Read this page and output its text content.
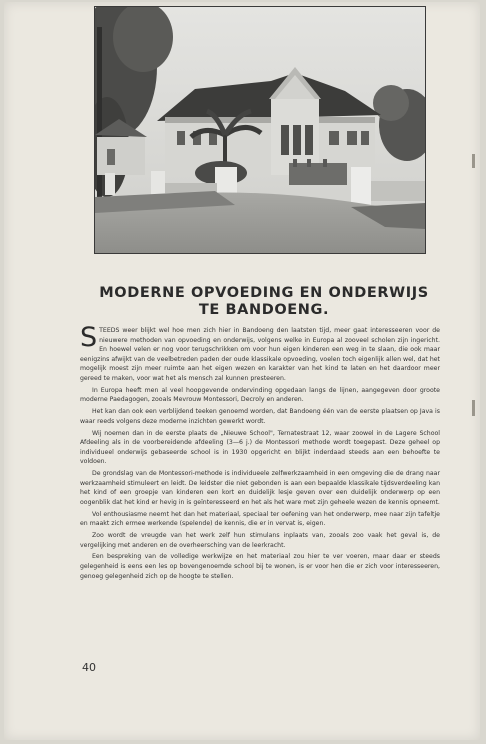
MODERNE OPVOEDING EN ONDERWIJS
TE BANDOENG.

STEEDS weer blijkt wel hoe men zich hier in Bandoeng den laatsten tijd, meer gaat interesseeren voor de nieuwere methoden van opvoeding en onderwijs, volgens welke in Europa al zooveel scholen zijn ingericht. En hoewel velen er nog voor terugschrikken om voor hun eigen kinderen een weg in te slaan, die ook maar eenigzins afwijkt van de veelbetreden paden der oude klassikale opvoeding, voelen toch eigenlijk allen wel, dat het mogelijk moest zijn meer ruimte aan het eigen wezen en karakter van het kind te laten en het daardoor meer gereed te maken, voor wat het als mensch zal kunnen presteeren.

In Europa heeft men al veel hoopgevende ondervinding opgedaan langs de lijnen, aangegeven door groote moderne Paedagogen, zooals Mevrouw Montessori, Decroly en anderen.

Het kan dan ook een verblijdend teeken genoemd worden, dat Bandoeng één van de eerste plaatsen op Java is waar reeds volgens deze moderne inzichten gewerkt wordt.

Wij noemen dan in de eerste plaats de „Nieuwe School", Ternatestraat 12, waar zoowel in de Lagere School Afdeeling als in de voorbereidende afdeeling (3—6 j.) de Montessori methode wordt toegepast. Deze geheel op individueel onderwijs gebaseerde school is in 1930 opgericht en blijkt inderdaad steeds aan een behoefte te voldoen.

De grondslag van de Montessori-methode is individueele zelfwerkzaamheid in een omgeving die de drang naar werkzaamheid stimuleert en leidt. De leidster die niet gebonden is aan een bepaalde klassikale tijdsverdeeling kan het kind of een groepje van kinderen een kort en duidelijk lesje geven over een duidelijk onderwerp op een oogenblik dat het kind er hevig in is geïnteresseerd en het als het ware met zijn geheele wezen de kennis opneemt.

Vol enthousiasme neemt het dan het materiaal, speciaal ter oefening van het onderwerp, mee naar zijn tafeltje en maakt zich ermee werkende (spelende) de kennis, die er in vervat is, eigen.

Zoo wordt de vreugde van het werk zelf hun stimulans inplaats van, zooals zoo vaak het geval is, de vergelijking met anderen en de overheersching van de leerkracht.

Een bespreking van de volledige werkwijze en het materiaal zou hier te ver voeren, maar daar er steeds gelegenheid is eens een les op bovengenoemde school bij te wonen, is er voor hen die er zich voor interesseeren, genoeg gelegenheid zich op de hoogte te stellen.

40
